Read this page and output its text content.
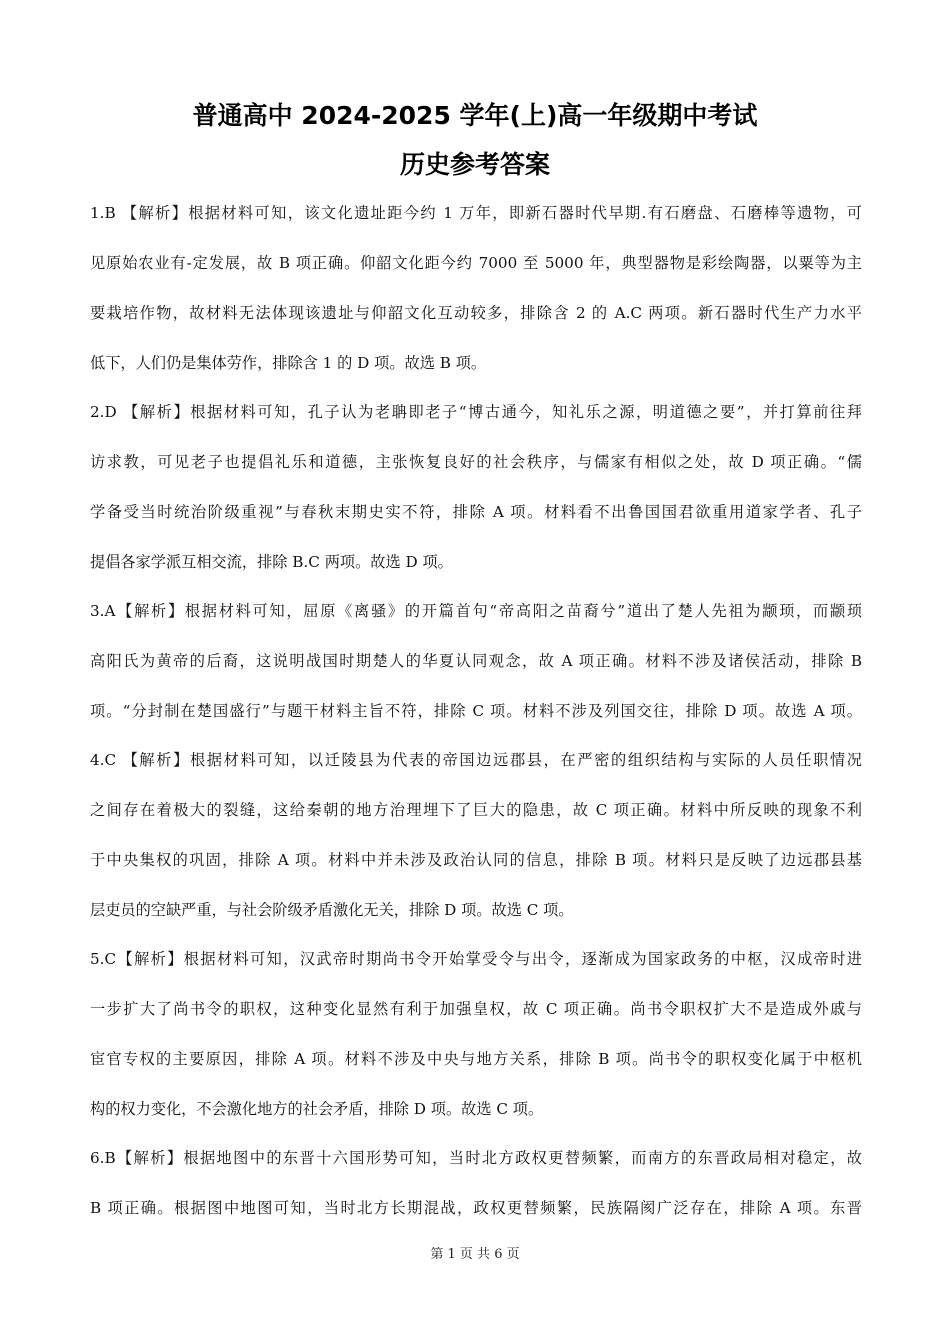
普通高中 2024-2025 学年(上)高一年级期中考试
历史参考答案
1.B 【解析】根据材料可知，该文化遗址距今约 1 万年，即新石器时代早期.有石磨盘、石磨棒等遗物，可
见原始农业有-定发展，故 B 项正确。仰韶文化距今约 7000 至 5000 年，典型器物是彩绘陶器，以粟等为主
要栽培作物，故材料无法体现该遗址与仰韶文化互动较多，排除含 2 的 A.C 两项。新石器时代生产力水平
低下，人们仍是集体劳作，排除含 1 的 D 项。故选 B 项。
2.D 【解析】根据材料可知，孔子认为老聃即老子“博古通今，知礼乐之源，明道德之要”，并打算前往拜
访求教，可见老子也提倡礼乐和道德，主张恢复良好的社会秩序，与儒家有相似之处，故 D 项正确。“儒
学备受当时统治阶级重视”与春秋末期史实不符，排除 A 项。材料看不出鲁国国君欲重用道家学者、孔子
提倡各家学派互相交流，排除 B.C 两项。故选 D 项。
3.A【解析】根据材料可知，屈原《离骚》的开篇首句“帝高阳之苗裔兮”道出了楚人先祖为颛顼，而颛顼
高阳氏为黄帝的后裔，这说明战国时期楚人的华夏认同观念，故 A 项正确。材料不涉及诸侯活动，排除 B
项。“分封制在楚国盛行”与题干材料主旨不符，排除 C 项。材料不涉及列国交往，排除 D 项。故选 A 项。
4.C 【解析】根据材料可知，以迁陵县为代表的帝国边远郡县，在严密的组织结构与实际的人员任职情况
之间存在着极大的裂缝，这给秦朝的地方治理埋下了巨大的隐患，故 C 项正确。材料中所反映的现象不利
于中央集权的巩固，排除 A 项。材料中并未涉及政治认同的信息，排除 B 项。材料只是反映了边远郡县基
层吏员的空缺严重，与社会阶级矛盾激化无关，排除 D 项。故选 C 项。
5.C【解析】根据材料可知，汉武帝时期尚书令开始掌受令与出令，逐渐成为国家政务的中枢，汉成帝时进
一步扩大了尚书令的职权，这种变化显然有利于加强皇权，故 C 项正确。尚书令职权扩大不是造成外戚与
宦官专权的主要原因，排除 A 项。材料不涉及中央与地方关系，排除 B 项。尚书令的职权变化属于中枢机
构的权力变化，不会激化地方的社会矛盾，排除 D 项。故选 C 项。
6.B【解析】根据地图中的东晋十六国形势可知，当时北方政权更替频繁，而南方的东晋政局相对稳定，故
B 项正确。根据图中地图可知，当时北方长期混战，政权更替频繁，民族隔阂广泛存在，排除 A 项。东晋
第 1 页 共 6 页
